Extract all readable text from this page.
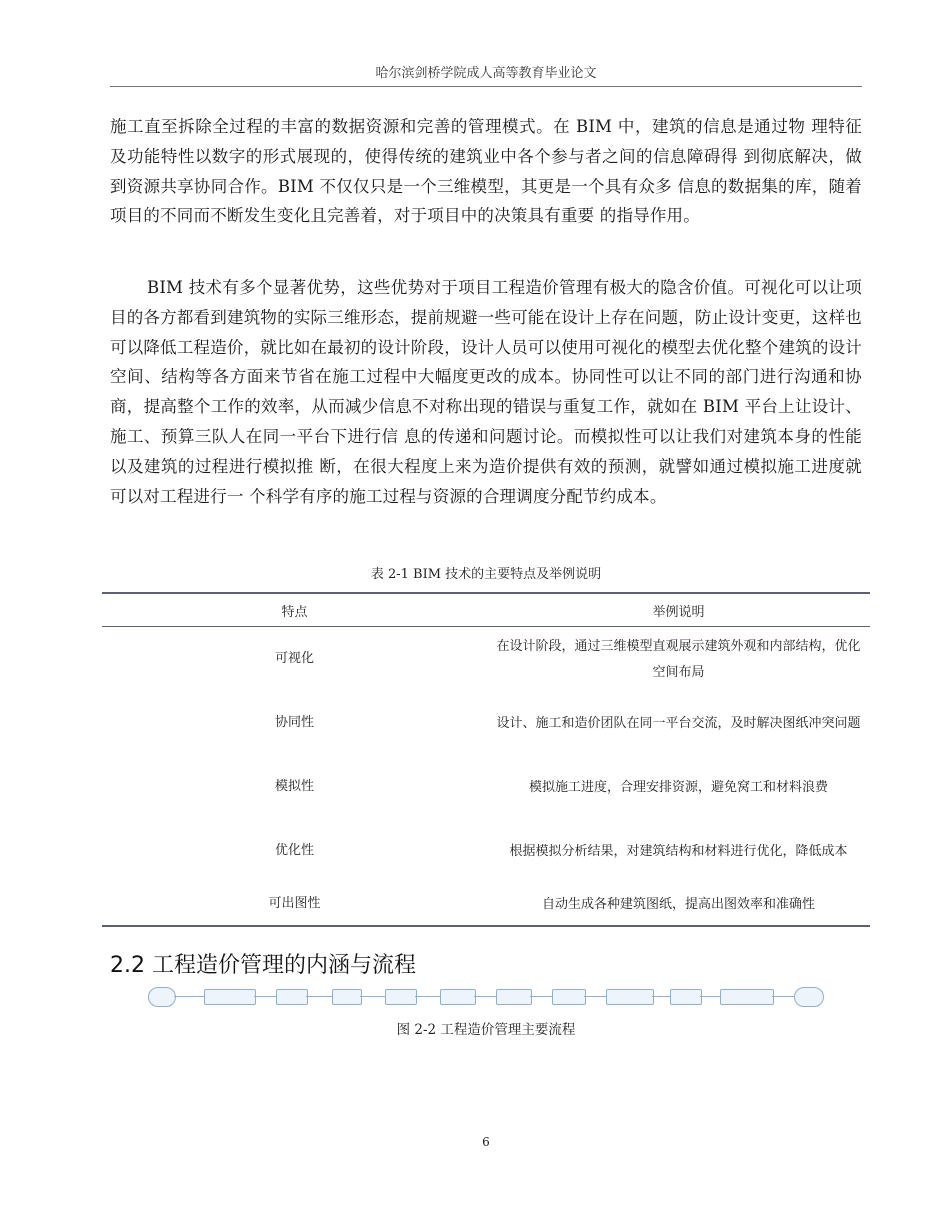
哈尔滨剑桥学院成人高等教育毕业论文
施工直至拆除全过程的丰富的数据资源和完善的管理模式。在 BIM 中，建筑的信息是通过物 理特征及功能特性以数字的形式展现的，使得传统的建筑业中各个参与者之间的信息障碍得 到彻底解决，做到资源共享协同合作。BIM 不仅仅只是一个三维模型，其更是一个具有众多 信息的数据集的库，随着项目的不同而不断发生变化且完善着，对于项目中的决策具有重要 的指导作用。
BIM 技术有多个显著优势，这些优势对于项目工程造价管理有极大的隐含价值。可视化可以让项目的各方都看到建筑物的实际三维形态，提前规避一些可能在设计上存在问题，防止设计变更，这样也可以降低工程造价，就比如在最初的设计阶段，设计人员可以使用可视化的模型去优化整个建筑的设计空间、结构等各方面来节省在施工过程中大幅度更改的成本。协同性可以让不同的部门进行沟通和协商，提高整个工作的效率，从而减少信息不对称出现的错误与重复工作，就如在 BIM 平台上让设计、施工、预算三队人在同一平台下进行信 息的传递和问题讨论。而模拟性可以让我们对建筑本身的性能以及建筑的过程进行模拟推 断，在很大程度上来为造价提供有效的预测，就譬如通过模拟施工进度就可以对工程进行一 个科学有序的施工过程与资源的合理调度分配节约成本。
表 2-1 BIM 技术的主要特点及举例说明
特点	举例说明
可视化	在设计阶段，通过三维模型直观展示建筑外观和内部结构，优化空间布局
协同性	设计、施工和造价团队在同一平台交流，及时解决图纸冲突问题
模拟性	模拟施工进度，合理安排资源，避免窝工和材料浪费
优化性	根据模拟分析结果，对建筑结构和材料进行优化，降低成本
可出图性	自动生成各种建筑图纸，提高出图效率和准确性
2.2 工程造价管理的内涵与流程
图 2-2 工程造价管理主要流程
6
